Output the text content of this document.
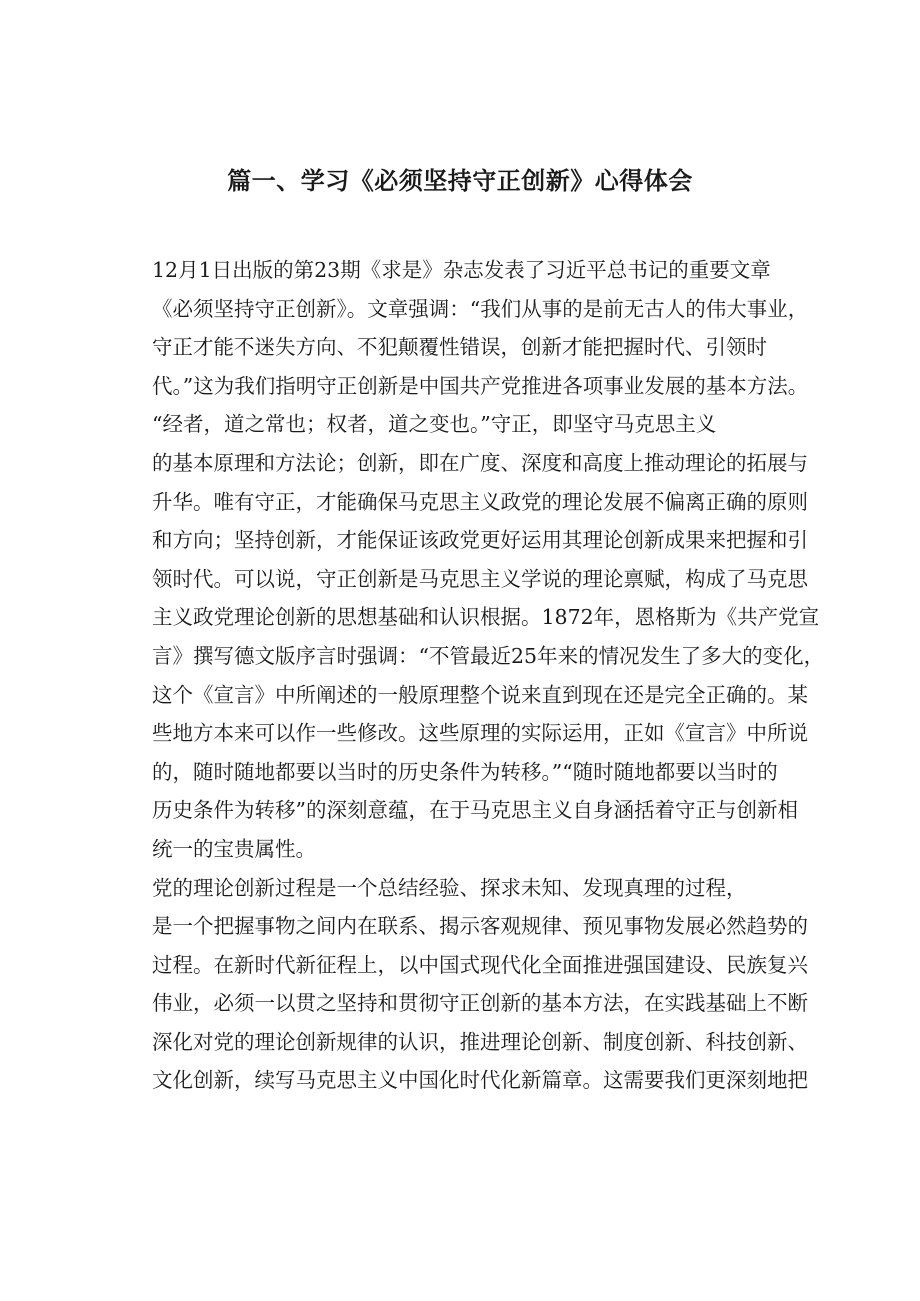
篇一、学习《必须坚持守正创新》心得体会

12月1日出版的第23期《求是》杂志发表了习近平总书记的重要文章
《必须坚持守正创新》。文章强调：“我们从事的是前无古人的伟大事业，
守正才能不迷失方向、不犯颠覆性错误，创新才能把握时代、引领时
代。”这为我们指明守正创新是中国共产党推进各项事业发展的基本方法。

“经者，道之常也；权者，道之变也。”守正，即坚守马克思主义
的基本原理和方法论；创新，即在广度、深度和高度上推动理论的拓展与
升华。唯有守正，才能确保马克思主义政党的理论发展不偏离正确的原则
和方向；坚持创新，才能保证该政党更好运用其理论创新成果来把握和引
领时代。可以说，守正创新是马克思主义学说的理论禀赋，构成了马克思
主义政党理论创新的思想基础和认识根据。1872年，恩格斯为《共产党宣
言》撰写德文版序言时强调：“不管最近25年来的情况发生了多大的变化，
这个《宣言》中所阐述的一般原理整个说来直到现在还是完全正确的。某
些地方本来可以作一些修改。这些原理的实际运用，正如《宣言》中所说
的，随时随地都要以当时的历史条件为转移。”“随时随地都要以当时的
历史条件为转移”的深刻意蕴，在于马克思主义自身涵括着守正与创新相
统一的宝贵属性。

党的理论创新过程是一个总结经验、探求未知、发现真理的过程，
是一个把握事物之间内在联系、揭示客观规律、预见事物发展必然趋势的
过程。在新时代新征程上，以中国式现代化全面推进强国建设、民族复兴
伟业，必须一以贯之坚持和贯彻守正创新的基本方法，在实践基础上不断
深化对党的理论创新规律的认识，推进理论创新、制度创新、科技创新、
文化创新，续写马克思主义中国化时代化新篇章。这需要我们更深刻地把
